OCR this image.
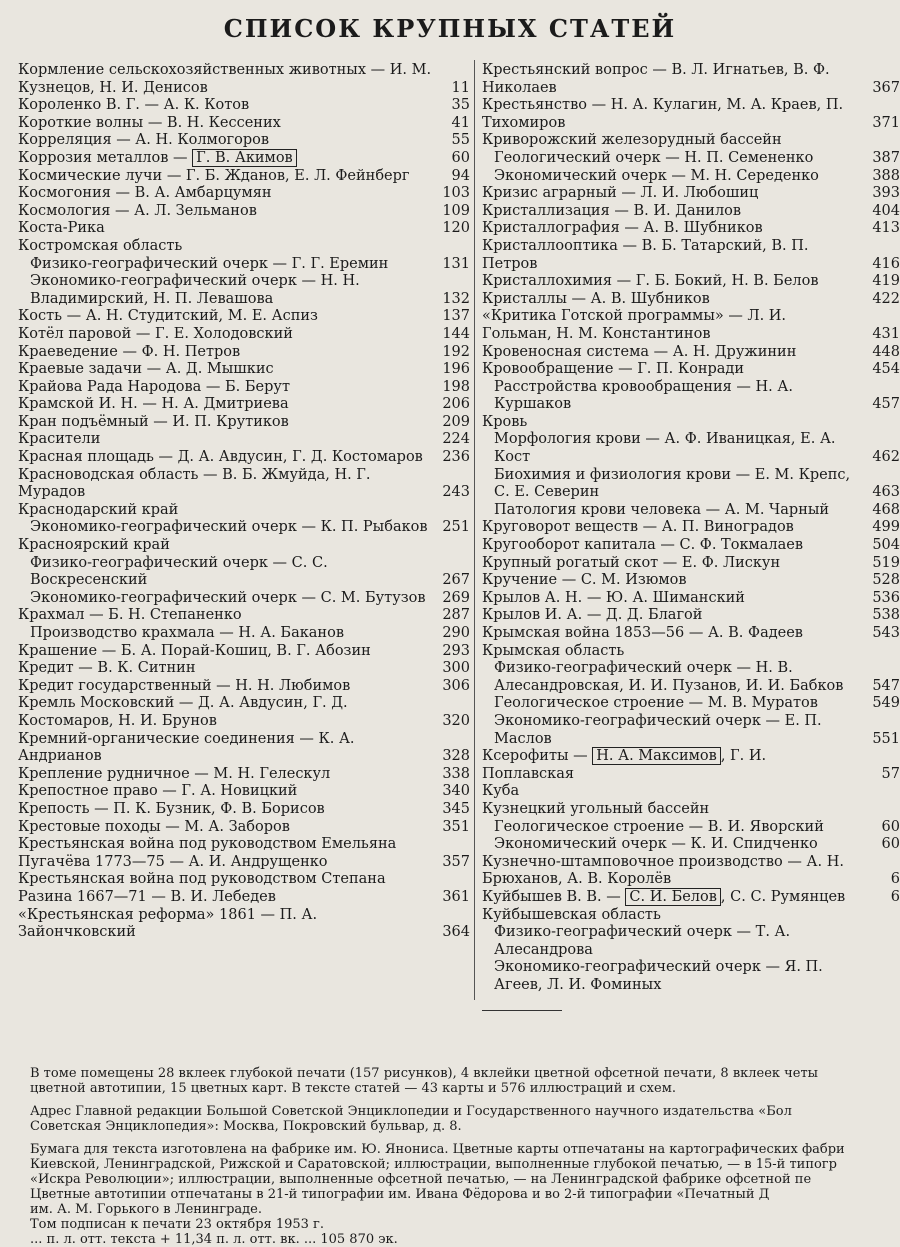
СПИСОК КРУПНЫХ СТАТЕЙ
Кормление сельскохозяйственных животных — И. М. Кузнецов, Н. И. Денисов	11
Короленко В. Г. — А. К. Котов	35
Короткие волны — В. Н. Кессених	41
Корреляция — А. Н. Колмогоров	55
Коррозия металлов — Г. В. Акимов	60
Космические лучи — Г. Б. Жданов, Е. Л. Фейнберг	94
Космогония — В. А. Амбарцумян	103
Космология — А. Л. Зельманов	109
Коста-Рика	120
Костромская область
Физико-географический очерк — Г. Г. Еремин	131
Экономико-географический очерк — Н. Н. Владимирский, Н. П. Левашова	132
Кость — А. Н. Студитский, М. Е. Аспиз	137
Котёл паровой — Г. Е. Холодовский	144
Краеведение — Ф. Н. Петров	192
Краевые задачи — А. Д. Мышкис	196
Крайова Рада Народова — Б. Берут	198
Крамской И. Н. — Н. А. Дмитриева	206
Кран подъёмный — И. П. Крутиков	209
Красители	224
Красная площадь — Д. А. Авдусин, Г. Д. Костомаров	236
Красноводская область — В. Б. Жмуйда, Н. Г. Мурадов	243
Краснодарский край
Экономико-географический очерк — К. П. Рыбаков	251
Красноярский край
Физико-географический очерк — С. С. Воскресенский	267
Экономико-географический очерк — С. М. Бутузов	269
Крахмал — Б. Н. Степаненко	287
Производство крахмала — Н. А. Баканов	290
Крашение — Б. А. Порай-Кошиц, В. Г. Абозин	293
Кредит — В. К. Ситнин	300
Кредит государственный — Н. Н. Любимов	306
Кремль Московский — Д. А. Авдусин, Г. Д. Костомаров, Н. И. Брунов	320
Кремний-органические соединения — К. А. Андрианов	328
Крепление рудничное — М. Н. Гелескул	338
Крепостное право — Г. А. Новицкий	340
Крепость — П. К. Бузник, Ф. В. Борисов	345
Крестовые походы — М. А. Заборов	351
Крестьянская война под руководством Емельяна Пугачёва 1773—75 — А. И. Андрущенко	357
Крестьянская война под руководством Степана Разина 1667—71 — В. И. Лебедев	361
«Крестьянская реформа» 1861 — П. А. Зайончковский	364
Крестьянский вопрос — В. Л. Игнатьев, В. Ф. Николаев	367
Крестьянство — Н. А. Кулагин, М. А. Краев, П. Тихомиров	371
Криворожский железорудный бассейн
Геологический очерк — Н. П. Семененко	387
Экономический очерк — М. Н. Середенко	388
Кризис аграрный — Л. И. Любошиц	393
Кристаллизация — В. И. Данилов	404
Кристаллография — А. В. Шубников	413
Кристаллооптика — В. Б. Татарский, В. П. Петров	416
Кристаллохимия — Г. Б. Бокий, Н. В. Белов	419
Кристаллы — А. В. Шубников	422
«Критика Готской программы» — Л. И. Гольман, Н. М. Константинов	431
Кровеносная система — А. Н. Дружинин	448
Кровообращение — Г. П. Конради	454
Расстройства кровообращения — Н. А. Куршаков	457
Кровь
Морфология крови — А. Ф. Иваницкая, Е. А. Кост	462
Биохимия и физиология крови — Е. М. Крепс, С. Е. Северин	463
Патология крови человека — А. М. Чарный	468
Круговорот веществ — А. П. Виноградов	499
Кругооборот капитала — С. Ф. Токмалаев	504
Крупный рогатый скот — Е. Ф. Лискун	519
Кручение — С. М. Изюмов	528
Крылов А. Н. — Ю. А. Шиманский	536
Крылов И. А. — Д. Д. Благой	538
Крымская война 1853—56 — А. В. Фадеев	543
Крымская область
Физико-географический очерк — Н. В. Алесандровская, И. И. Пузанов, И. И. Бабков	547
Геологическое строение — М. В. Муратов	549
Экономико-географический очерк — Е. П. Маслов	551
Ксерофиты — Н. А. Максимов , Г. И. Поплавская	57
Куба
Кузнецкий угольный бассейн
Геологическое строение — В. И. Яворский	60
Экономический очерк — К. И. Спидченко	60
Кузнечно-штамповочное производство — А. Н. Брюханов, А. В. Королёв	6
Куйбышев В. В. — С. И. Белов , С. С. Румянцев	6
Куйбышевская область
Физико-географический очерк — Т. А. Алесандрова
Экономико-географический очерк — Я. П. Агеев, Л. И. Фоминых
В томе помещены 28 вклеек глубокой печати (157 рисунков), 4 вклейки цветной офсетной печати, 8 вклеек четы
цветной автотипии, 15 цветных карт. В тексте статей — 43 карты и 576 иллюстраций и схем.
Адрес Главной редакции Большой Советской Энциклопедии и Государственного научного издательства «Бол
Советская Энциклопедия»: Москва, Покровский бульвар, д. 8.
Бумага для текста изготовлена на фабрике им. Ю. Янониса. Цветные карты отпечатаны на картографических фабри
Киевской, Ленинградской, Рижской и Саратовской; иллюстрации, выполненные глубокой печатью, — в 15-й типогр
«Искра Революции»; иллюстрации, выполненные офсетной печатью, — на Ленинградской фабрике офсетной пе
Цветные автотипии отпечатаны в 21-й типографии им. Ивана Фёдорова и во 2-й типографии «Печатный Д
им. А. М. Горького в Ленинграде.
Том подписан к печати 23 октября 1953 г.
... п. л. отт. текста + 11,34 п. л. отт. вк. ... 105 870 эк.
